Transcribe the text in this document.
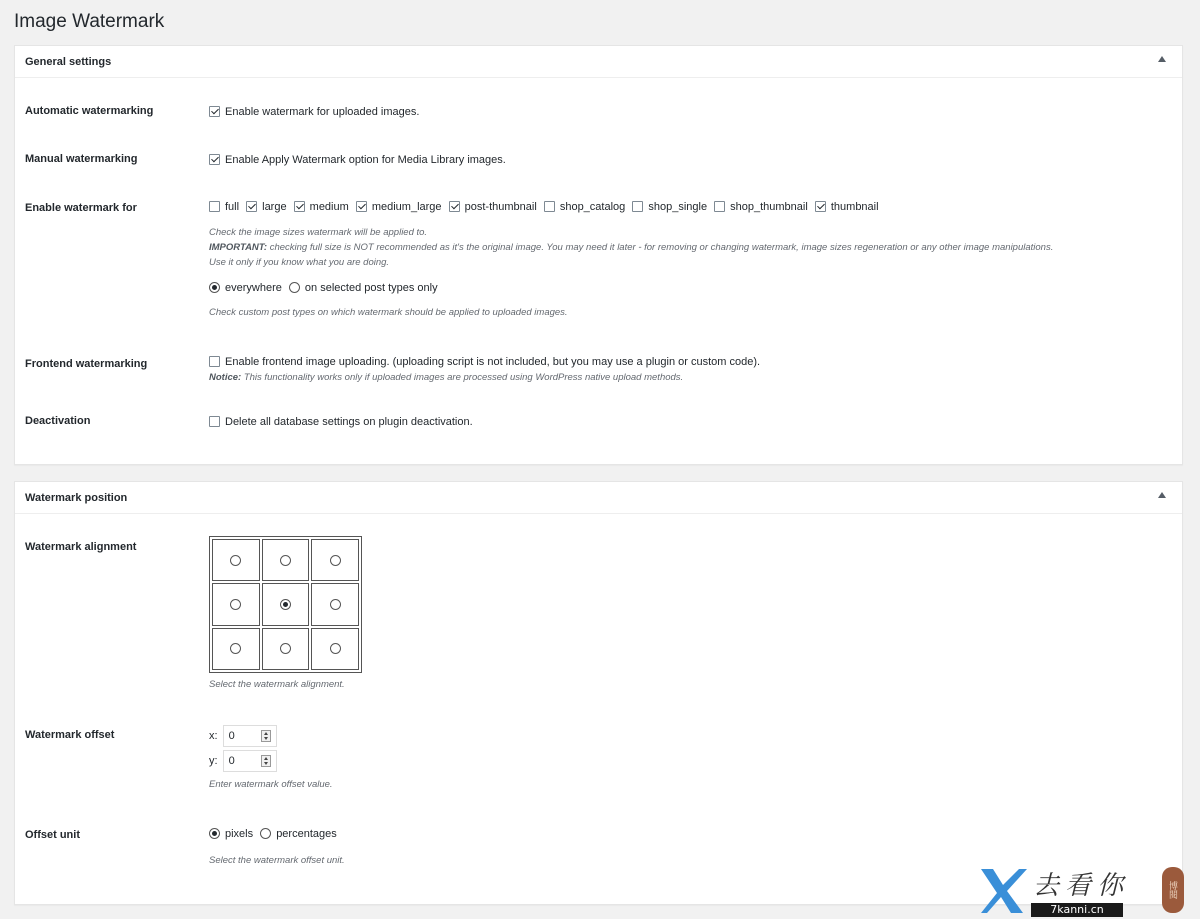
Image Watermark
General settings
Automatic watermarking	Enable watermark for uploaded images.
Manual watermarking	Enable Apply Watermark option for Media Library images.
Enable watermark for	full large medium medium_large post-thumbnail shop_catalog shop_single shop_thumbnail thumbnail
Check the image sizes watermark will be applied to.
IMPORTANT: checking full size is NOT recommended as it's the original image. You may need it later - for removing or changing watermark, image sizes regeneration or any other image manipulations.
Use it only if you know what you are doing.
everywhere on selected post types only
Check custom post types on which watermark should be applied to uploaded images.
Frontend watermarking	Enable frontend image uploading. (uploading script is not included, but you may use a plugin or custom code).
Notice: This functionality works only if uploaded images are processed using WordPress native upload methods.
Deactivation	Delete all database settings on plugin deactivation.
Watermark position
Watermark alignment
Select the watermark alignment.
Watermark offset	x: 0
y: 0
Enter watermark offset value.
Offset unit	pixels percentages
Select the watermark offset unit.
去看你
7kanni.cn
博閱
